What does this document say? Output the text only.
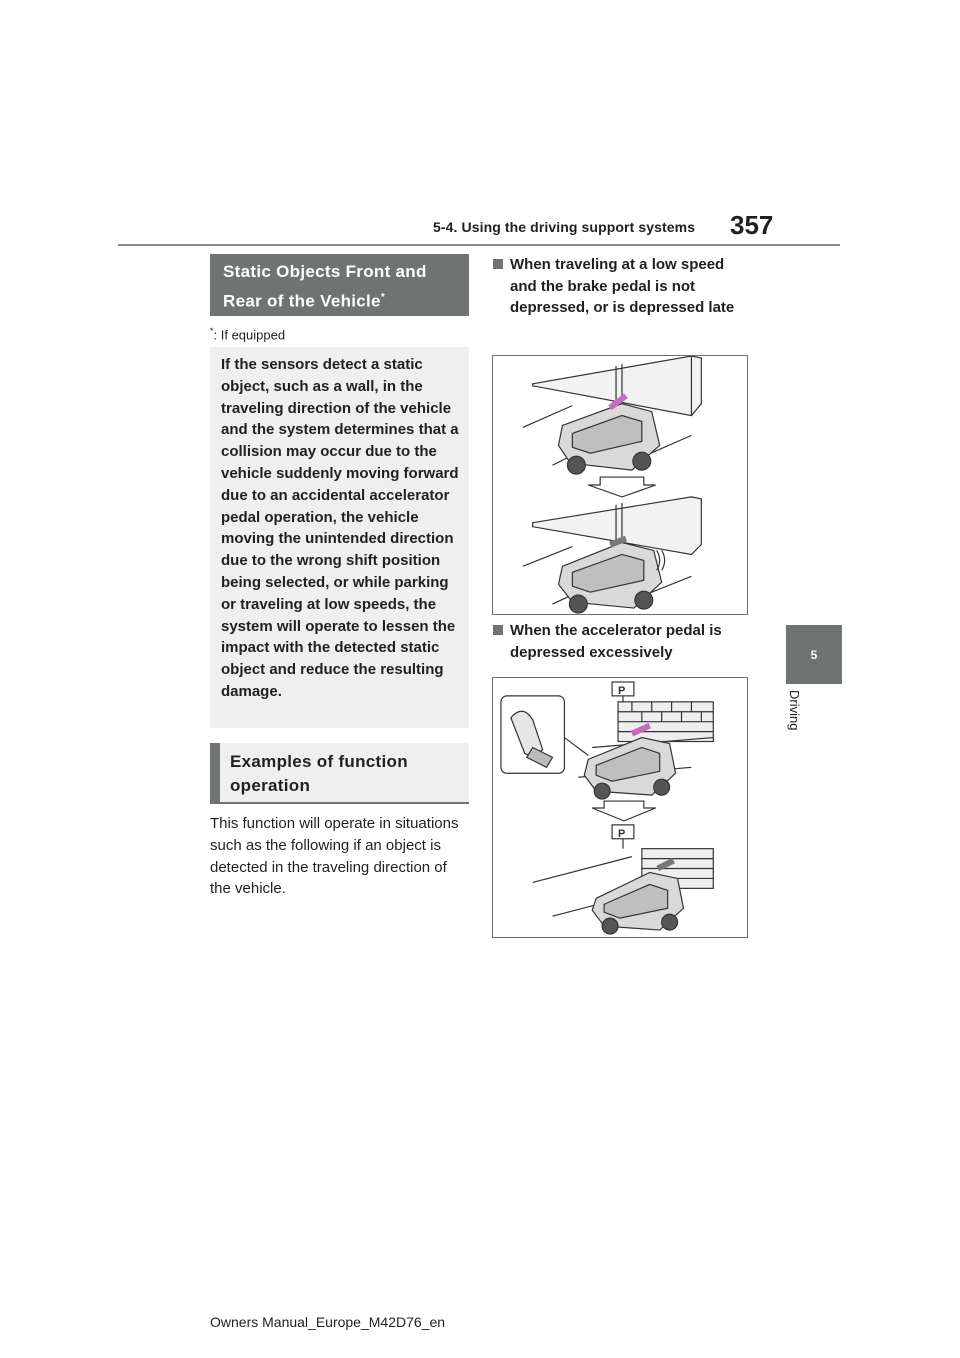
5-4. Using the driving support systems 357
5
Driving
Static Objects Front and Rear of the Vehicle*
*: If equipped

If the sensors detect a static object, such as a wall, in the traveling direction of the vehicle and the system determines that a collision may occur due to the vehicle suddenly moving forward due to an accidental accelerator pedal operation, the vehicle moving the unintended direction due to the wrong shift position being selected, or while parking or traveling at low speeds, the system will operate to lessen the impact with the detected static object and reduce the resulting damage.

Examples of function operation
This function will operate in situations such as the following if an object is detected in the traveling direction of the vehicle.
When traveling at a low speed and the brake pedal is not depressed, or is depressed late
When the accelerator pedal is depressed excessively
P
P
Owners Manual_Europe_M42D76_en
